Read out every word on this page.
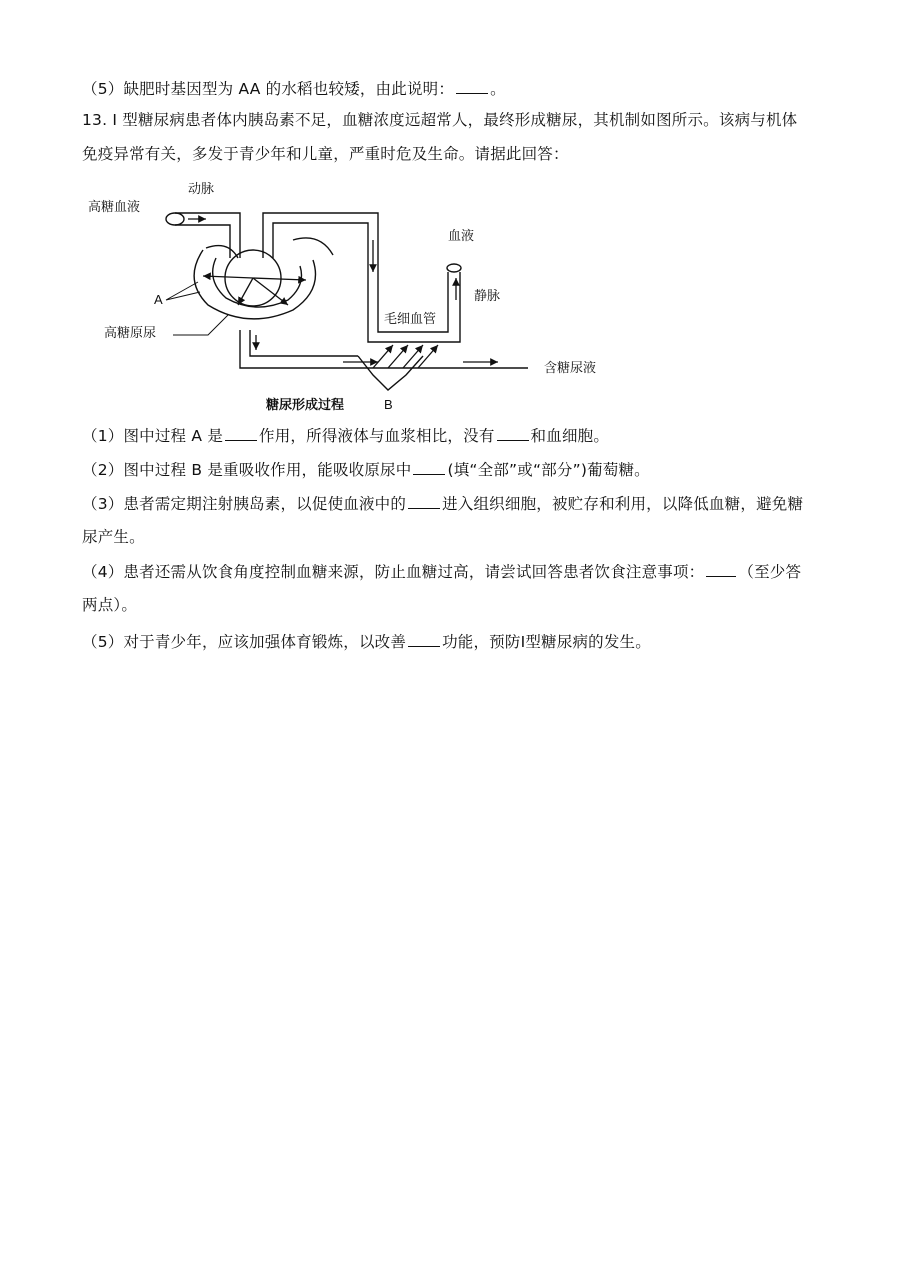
（5）缺肥时基因型为 AA 的水稻也较矮，由此说明： 。
13. Ⅰ 型糖尿病患者体内胰岛素不足，血糖浓度远超常人，最终形成糖尿，其机制如图所示。该病与机体
免疫异常有关，多发于青少年和儿童，严重时危及生命。请据此回答：
高糖血液
动脉
血液
静脉
A
高糖原尿
毛细血管
含糖尿液
糖尿形成过程	B
（1）图中过程 A 是 作用，所得液体与血浆相比，没有 和血细胞。
（2）图中过程 B 是重吸收作用，能吸收原尿中 (填“全部”或“部分”)葡萄糖。
（3）患者需定期注射胰岛素，以促使血液中的 进入组织细胞，被贮存和利用，以降低血糖，避免糖
尿产生。
（4）患者还需从饮食角度控制血糖来源，防止血糖过高，请尝试回答患者饮食注意事项： （至少答
两点）。
（5）对于青少年，应该加强体育锻炼，以改善 功能，预防Ⅰ型糖尿病的发生。
